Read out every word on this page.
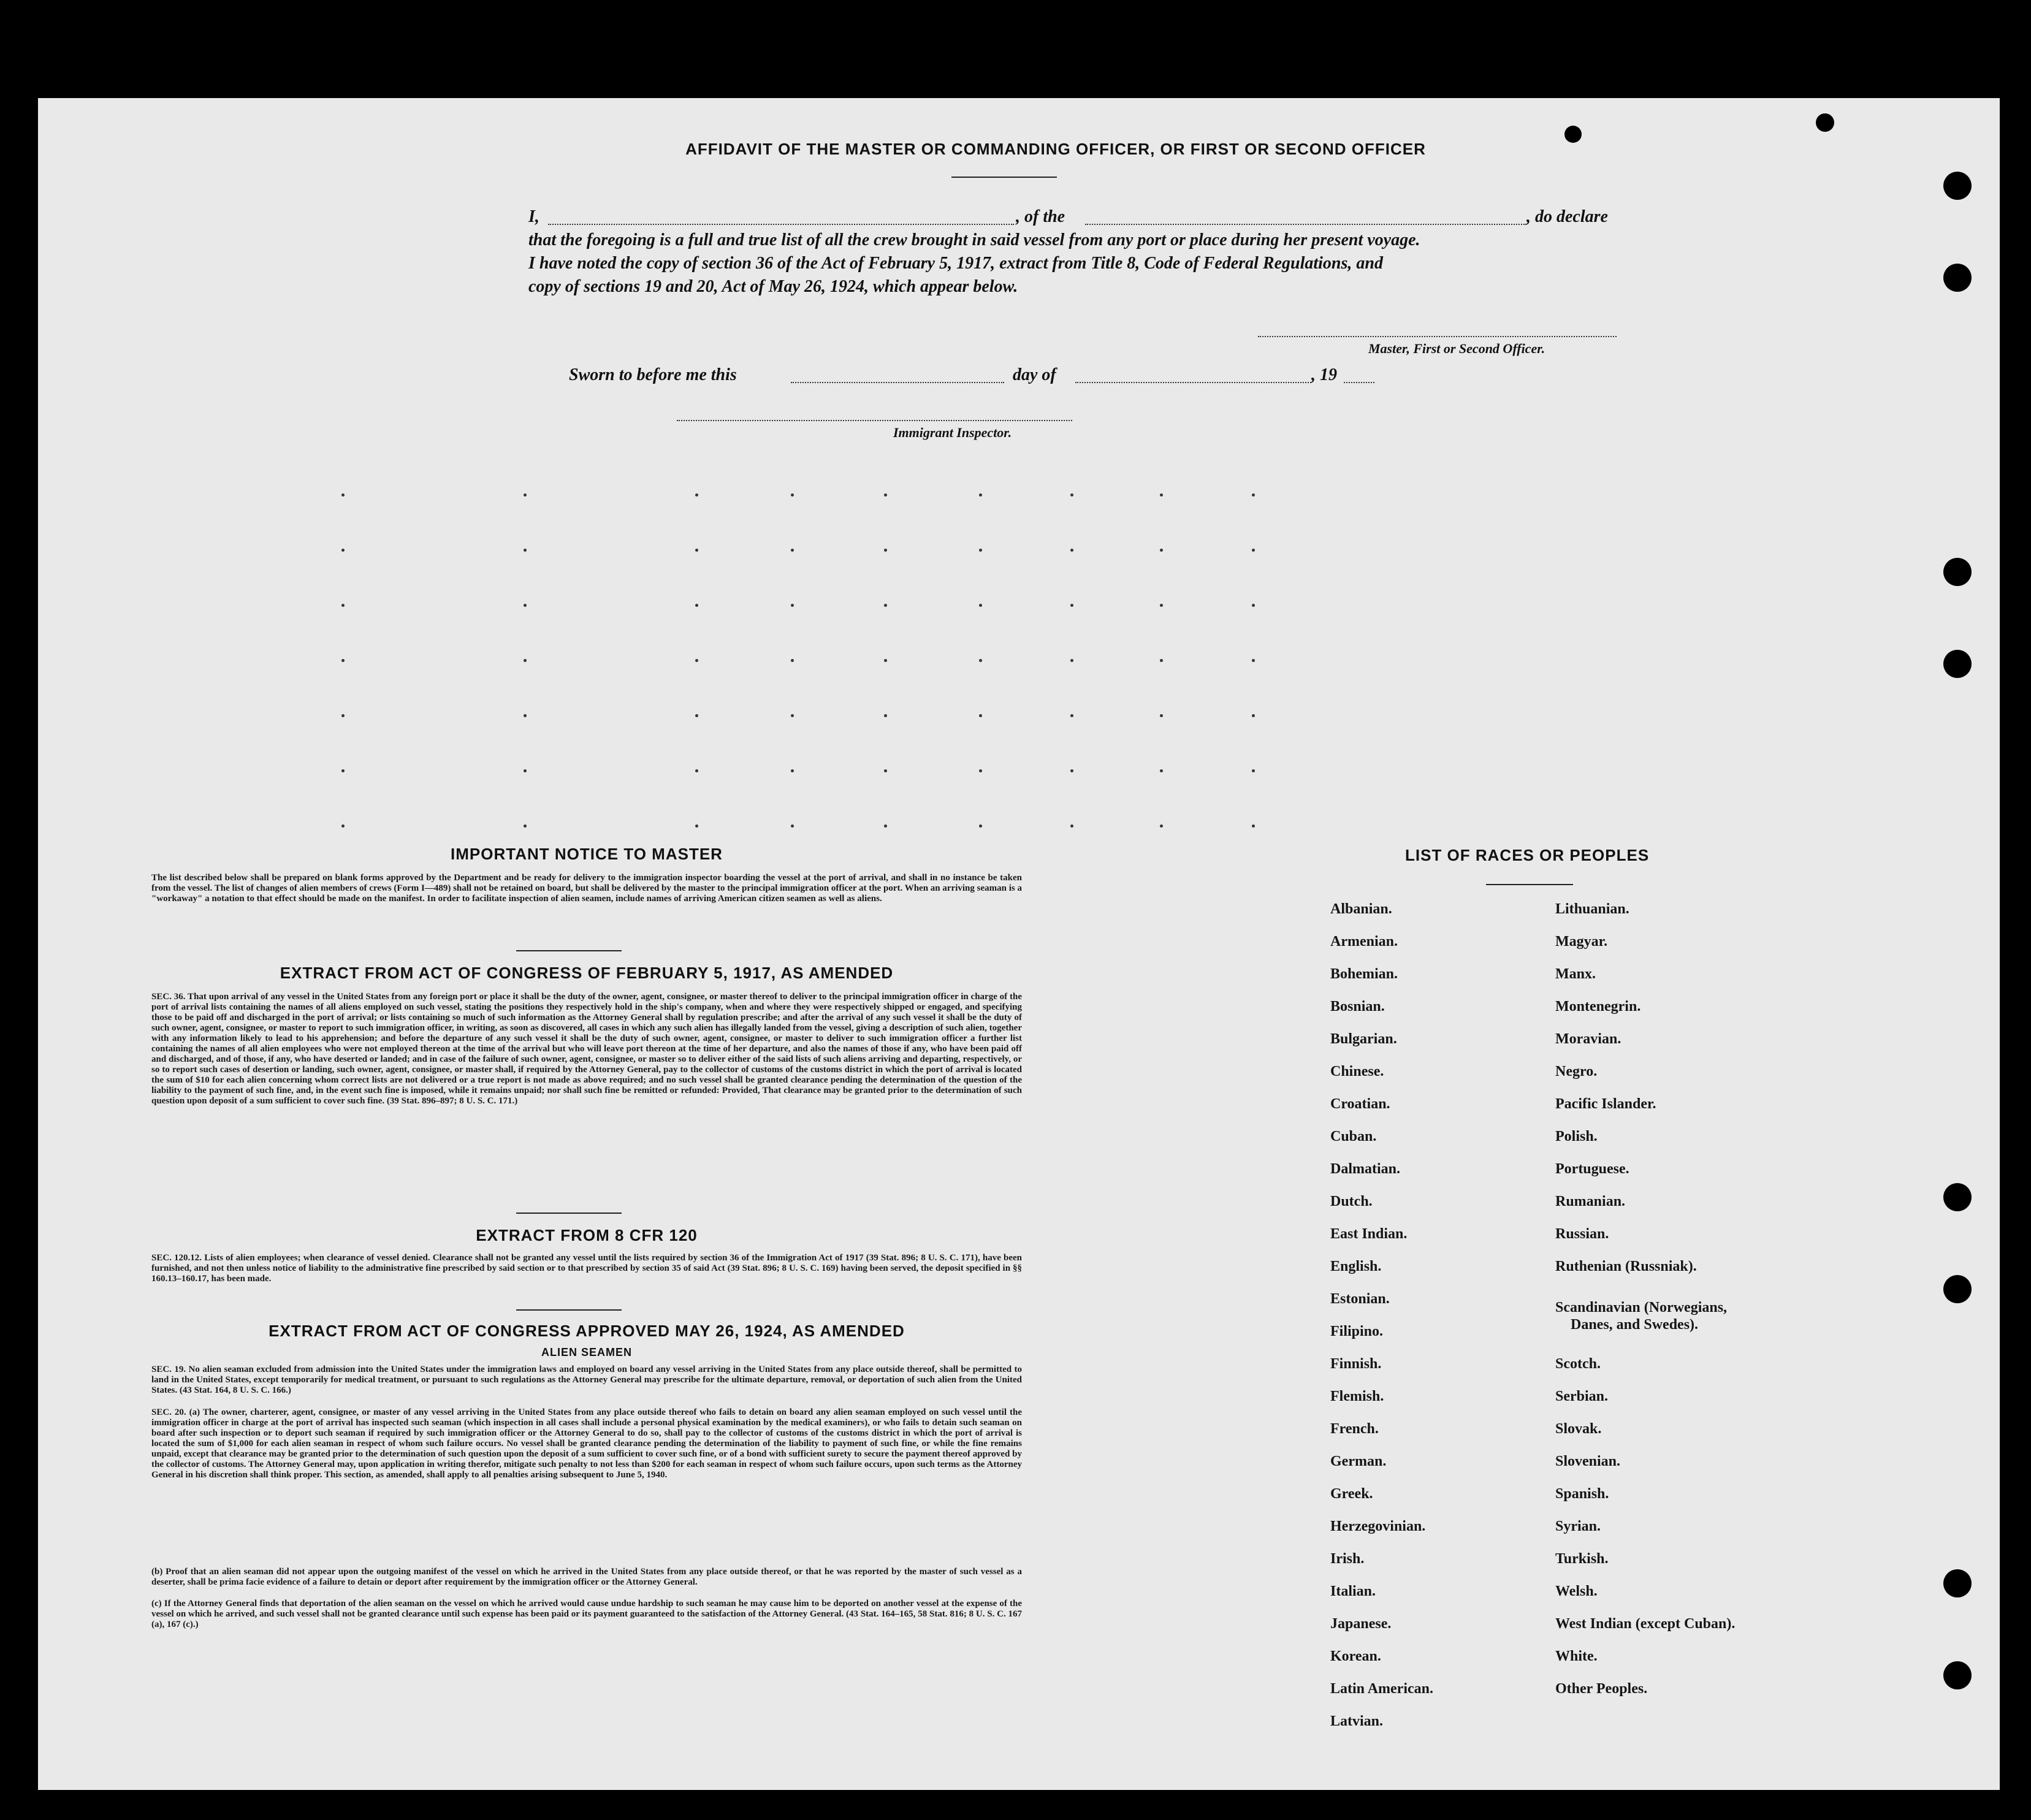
AFFIDAVIT OF THE MASTER OR COMMANDING OFFICER, OR FIRST OR SECOND OFFICER
I,	, of the	, do declare
that the foregoing is a full and true list of all the crew brought in said vessel from any port or place during her present voyage.
I have noted the copy of section 36 of the Act of February 5, 1917, extract from Title 8, Code of Federal Regulations, and
copy of sections 19 and 20, Act of May 26, 1924, which appear below.
Master, First or Second Officer.
Sworn to before me this	day of	, 19
Immigrant Inspector.
IMPORTANT NOTICE TO MASTER
The list described below shall be prepared on blank forms approved by the Department and be ready for delivery to the immigration inspector boarding the vessel at the port of arrival, and shall in no instance be taken from the vessel. The list of changes of alien members of crews (Form I—489) shall not be retained on board, but shall be delivered by the master to the principal immigration officer at the port. When an arriving seaman is a "workaway" a notation to that effect should be made on the manifest. In order to facilitate inspection of alien seamen, include names of arriving American citizen seamen as well as aliens.
EXTRACT FROM ACT OF CONGRESS OF FEBRUARY 5, 1917, AS AMENDED
SEC. 36. That upon arrival of any vessel in the United States from any foreign port or place it shall be the duty of the owner, agent, consignee, or master thereof to deliver to the principal immigration officer in charge of the port of arrival lists containing the names of all aliens employed on such vessel, stating the positions they respectively hold in the ship's company, when and where they were respectively shipped or engaged, and specifying those to be paid off and discharged in the port of arrival; or lists containing so much of such information as the Attorney General shall by regulation prescribe; and after the arrival of any such vessel it shall be the duty of such owner, agent, consignee, or master to report to such immigration officer, in writing, as soon as discovered, all cases in which any such alien has illegally landed from the vessel, giving a description of such alien, together with any information likely to lead to his apprehension; and before the departure of any such vessel it shall be the duty of such owner, agent, consignee, or master to deliver to such immigration officer a further list containing the names of all alien employees who were not employed thereon at the time of the arrival but who will leave port thereon at the time of her departure, and also the names of those if any, who have been paid off and discharged, and of those, if any, who have deserted or landed; and in case of the failure of such owner, agent, consignee, or master so to deliver either of the said lists of such aliens arriving and departing, respectively, or so to report such cases of desertion or landing, such owner, agent, consignee, or master shall, if required by the Attorney General, pay to the collector of customs of the customs district in which the port of arrival is located the sum of $10 for each alien concerning whom correct lists are not delivered or a true report is not made as above required; and no such vessel shall be granted clearance pending the determination of the question of the liability to the payment of such fine, and, in the event such fine is imposed, while it remains unpaid; nor shall such fine be remitted or refunded: Provided, That clearance may be granted prior to the determination of such question upon deposit of a sum sufficient to cover such fine. (39 Stat. 896–897; 8 U. S. C. 171.)
EXTRACT FROM 8 CFR 120
SEC. 120.12. Lists of alien employees; when clearance of vessel denied. Clearance shall not be granted any vessel until the lists required by section 36 of the Immigration Act of 1917 (39 Stat. 896; 8 U. S. C. 171), have been furnished, and not then unless notice of liability to the administrative fine prescribed by said section or to that prescribed by section 35 of said Act (39 Stat. 896; 8 U. S. C. 169) having been served, the deposit specified in §§ 160.13–160.17, has been made.
EXTRACT FROM ACT OF CONGRESS APPROVED MAY 26, 1924, AS AMENDED
ALIEN SEAMEN
SEC. 19. No alien seaman excluded from admission into the United States under the immigration laws and employed on board any vessel arriving in the United States from any place outside thereof, shall be permitted to land in the United States, except temporarily for medical treatment, or pursuant to such regulations as the Attorney General may prescribe for the ultimate departure, removal, or deportation of such alien from the United States. (43 Stat. 164, 8 U. S. C. 166.)
SEC. 20. (a) The owner, charterer, agent, consignee, or master of any vessel arriving in the United States from any place outside thereof who fails to detain on board any alien seaman employed on such vessel until the immigration officer in charge at the port of arrival has inspected such seaman (which inspection in all cases shall include a personal physical examination by the medical examiners), or who fails to detain such seaman on board after such inspection or to deport such seaman if required by such immigration officer or the Attorney General to do so, shall pay to the collector of customs of the customs district in which the port of arrival is located the sum of $1,000 for each alien seaman in respect of whom such failure occurs. No vessel shall be granted clearance pending the determination of the liability to payment of such fine, or while the fine remains unpaid, except that clearance may be granted prior to the determination of such question upon the deposit of a sum sufficient to cover such fine, or of a bond with sufficient surety to secure the payment thereof approved by the collector of customs. The Attorney General may, upon application in writing therefor, mitigate such penalty to not less than $200 for each seaman in respect of whom such failure occurs, upon such terms as the Attorney General in his discretion shall think proper. This section, as amended, shall apply to all penalties arising subsequent to June 5, 1940.
(b) Proof that an alien seaman did not appear upon the outgoing manifest of the vessel on which he arrived in the United States from any place outside thereof, or that he was reported by the master of such vessel as a deserter, shall be prima facie evidence of a failure to detain or deport after requirement by the immigration officer or the Attorney General.
(c) If the Attorney General finds that deportation of the alien seaman on the vessel on which he arrived would cause undue hardship to such seaman he may cause him to be deported on another vessel at the expense of the vessel on which he arrived, and such vessel shall not be granted clearance until such expense has been paid or its payment guaranteed to the satisfaction of the Attorney General. (43 Stat. 164–165, 58 Stat. 816; 8 U. S. C. 167 (a), 167 (c).)
LIST OF RACES OR PEOPLES
Albanian.
Armenian.
Bohemian.
Bosnian.
Bulgarian.
Chinese.
Croatian.
Cuban.
Dalmatian.
Dutch.
East Indian.
English.
Estonian.
Filipino.
Finnish.
Flemish.
French.
German.
Greek.
Herzegovinian.
Irish.
Italian.
Japanese.
Korean.
Latin American.
Latvian.
Lithuanian.
Magyar.
Manx.
Montenegrin.
Moravian.
Negro.
Pacific Islander.
Polish.
Portuguese.
Rumanian.
Russian.
Ruthenian (Russniak).
Scandinavian (Norwegians,
Danes, and Swedes).
Scotch.
Serbian.
Slovak.
Slovenian.
Spanish.
Syrian.
Turkish.
Welsh.
West Indian (except Cuban).
White.
Other Peoples.
